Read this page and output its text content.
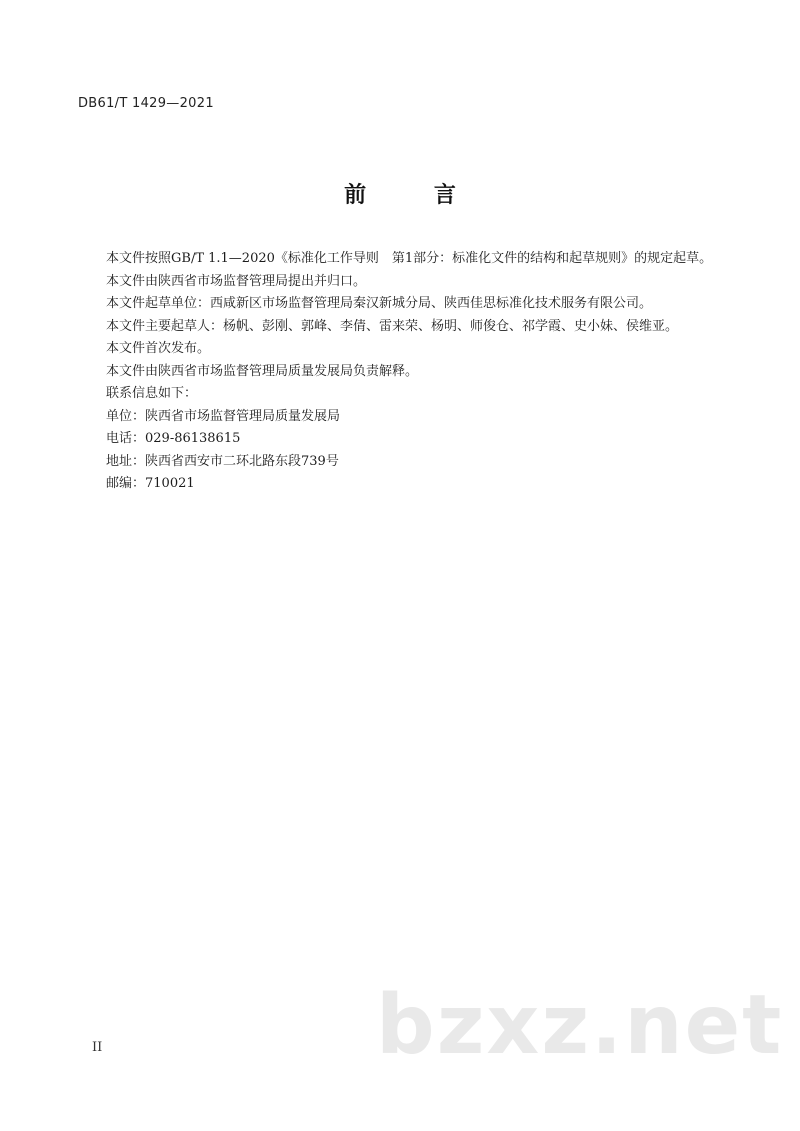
DB61/T 1429—2021
前 言

本文件按照GB/T 1.1—2020《标准化工作导则　第1部分：标准化文件的结构和起草规则》的规定起草。

本文件由陕西省市场监督管理局提出并归口。

本文件起草单位：西咸新区市场监督管理局秦汉新城分局、陕西佳思标准化技术服务有限公司。

本文件主要起草人：杨帆、彭刚、郭峰、李倩、雷来荣、杨明、师俊仓、祁学霞、史小妹、侯维亚。

本文件首次发布。

本文件由陕西省市场监督管理局质量发展局负责解释。

联系信息如下：

单位：陕西省市场监督管理局质量发展局

电话：029-86138615

地址：陕西省西安市二环北路东段739号

邮编：710021

II	bzxz.net
